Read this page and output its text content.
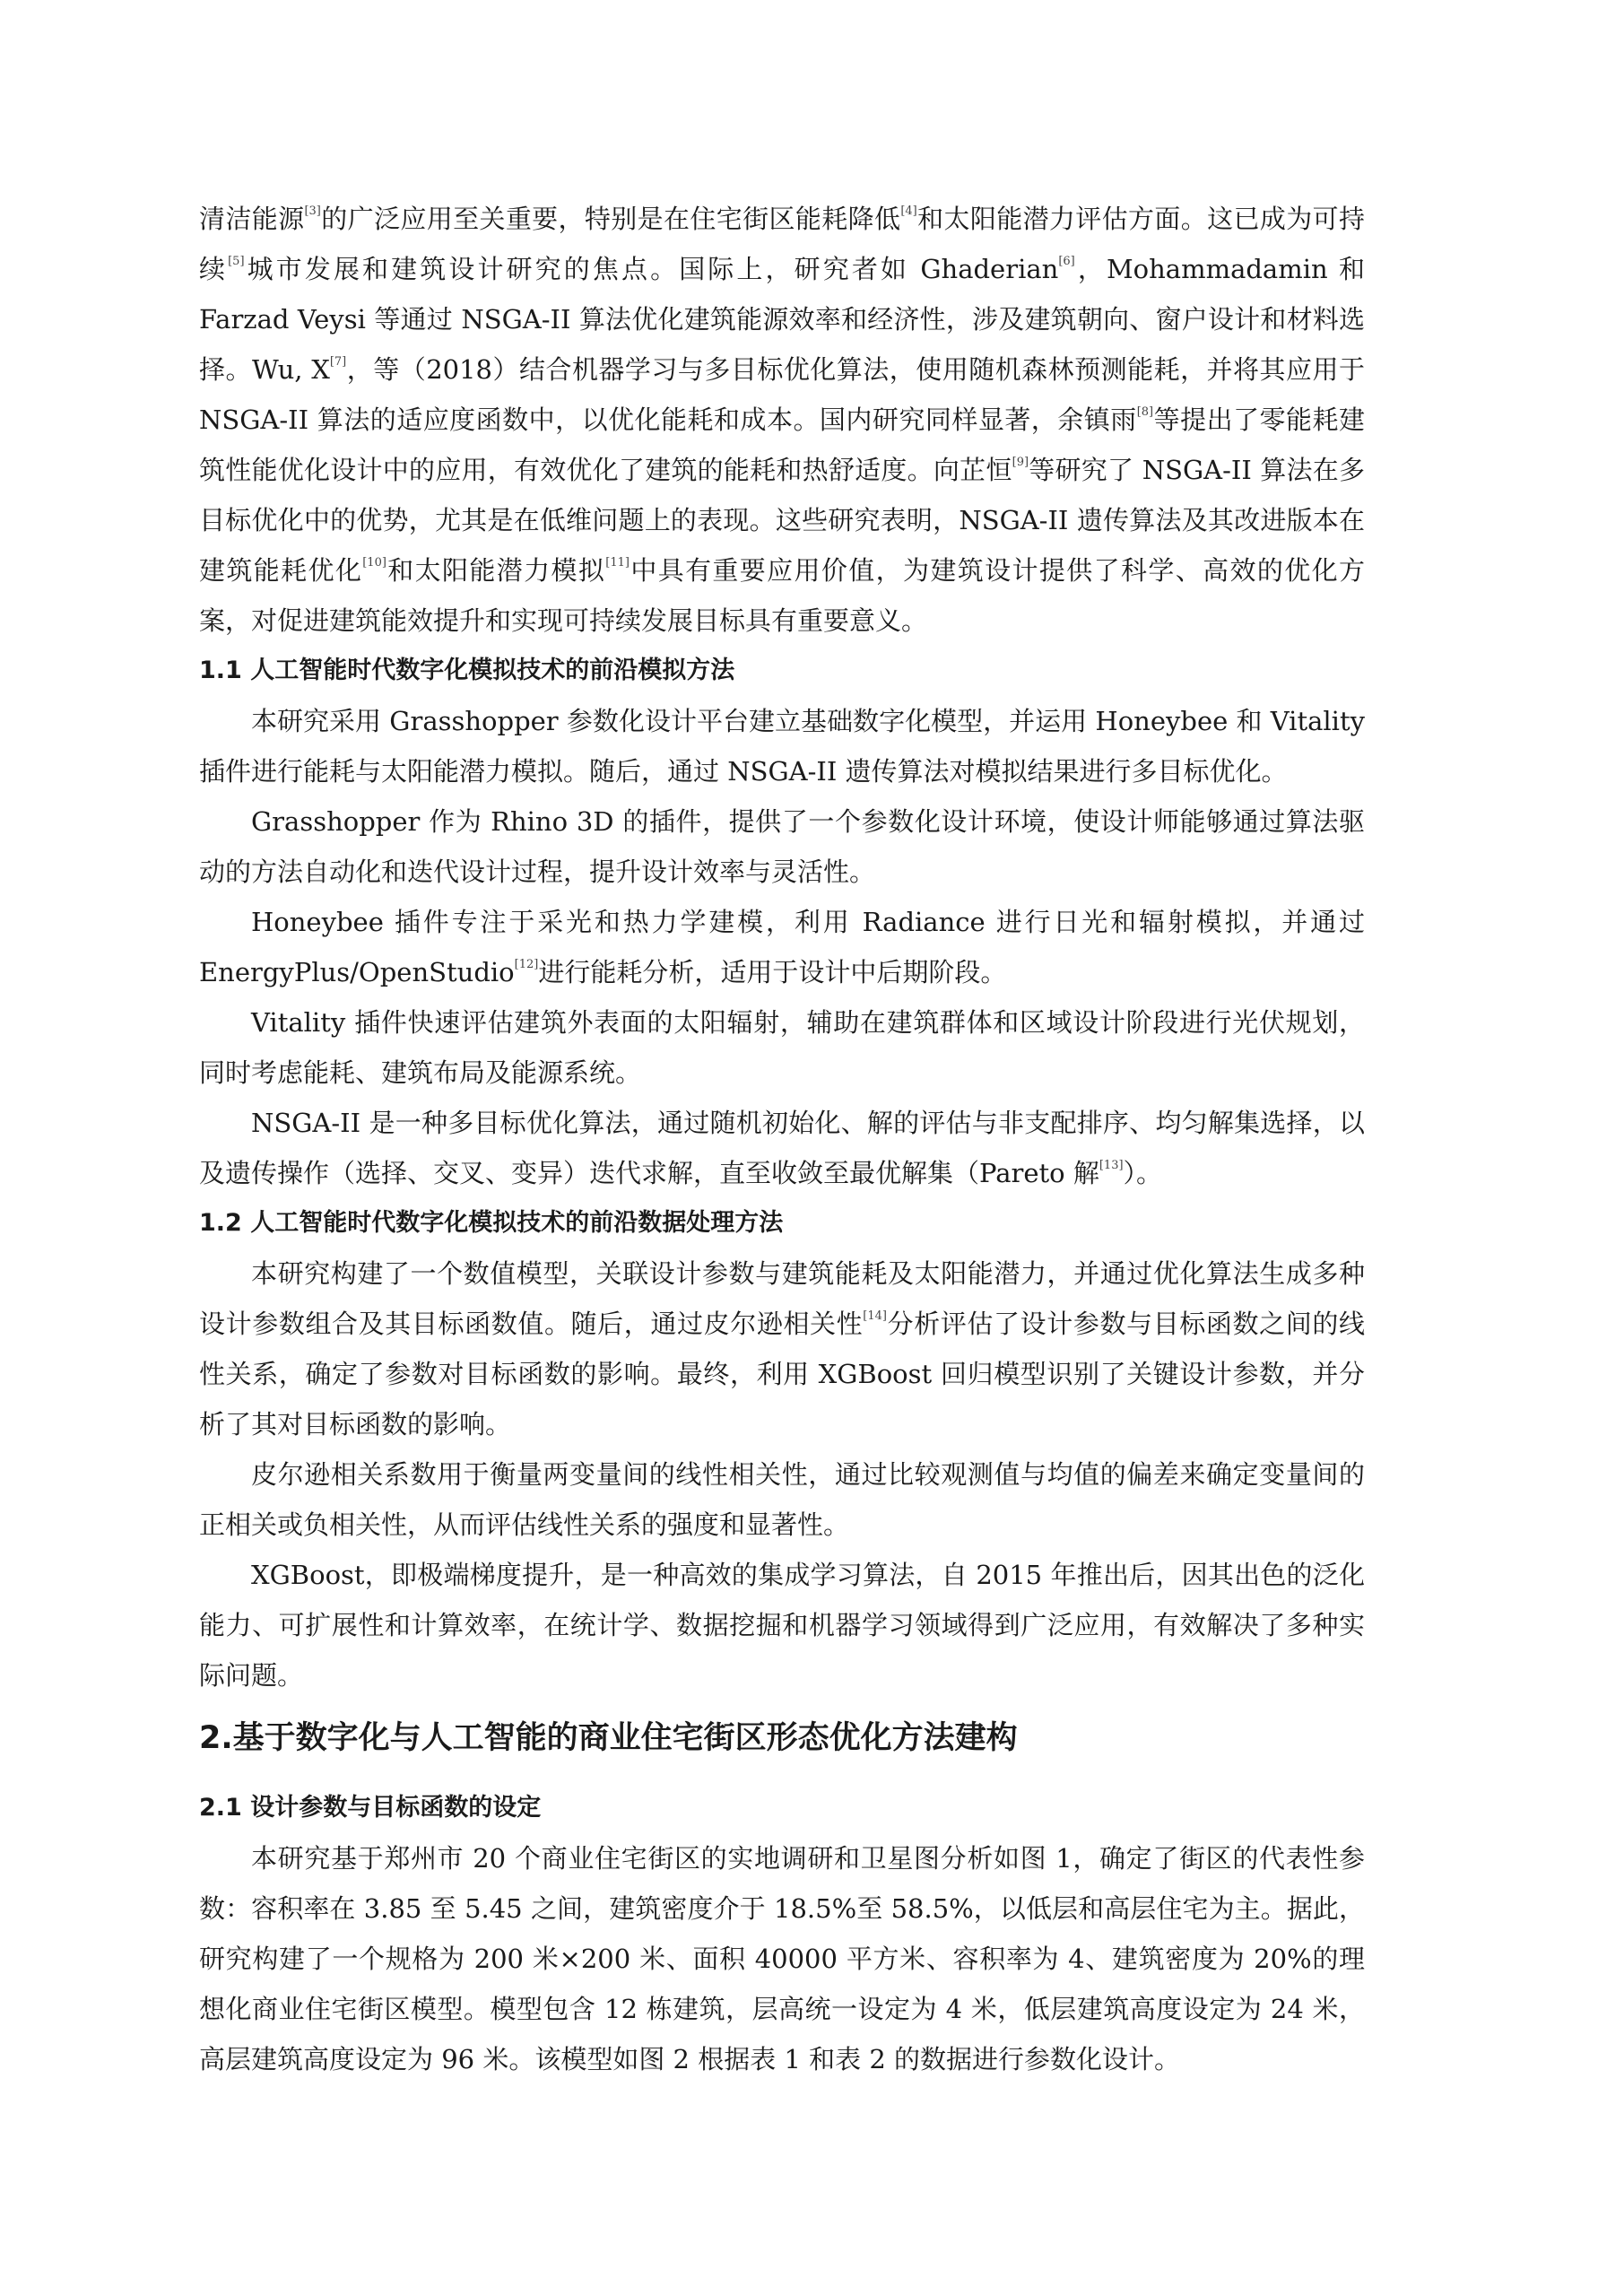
清洁能源[3]的广泛应用至关重要，特别是在住宅街区能耗降低[4]和太阳能潜力评估方面。这已成为可持续[5]城市发展和建筑设计研究的焦点。国际上，研究者如 Ghaderian[6]，Mohammadamin 和 Farzad Veysi 等通过 NSGA-II 算法优化建筑能源效率和经济性，涉及建筑朝向、窗户设计和材料选择。Wu, X[7]，等（2018）结合机器学习与多目标优化算法，使用随机森林预测能耗，并将其应用于 NSGA-II 算法的适应度函数中，以优化能耗和成本。国内研究同样显著，余镇雨[8]等提出了零能耗建筑性能优化设计中的应用，有效优化了建筑的能耗和热舒适度。向芷恒[9]等研究了 NSGA-II 算法在多目标优化中的优势，尤其是在低维问题上的表现。这些研究表明，NSGA-II 遗传算法及其改进版本在建筑能耗优化[10]和太阳能潜力模拟[11]中具有重要应用价值，为建筑设计提供了科学、高效的优化方案，对促进建筑能效提升和实现可持续发展目标具有重要意义。

1.1 人工智能时代数字化模拟技术的前沿模拟方法

本研究采用 Grasshopper 参数化设计平台建立基础数字化模型，并运用 Honeybee 和 Vitality 插件进行能耗与太阳能潜力模拟。随后，通过 NSGA-II 遗传算法对模拟结果进行多目标优化。

Grasshopper 作为 Rhino 3D 的插件，提供了一个参数化设计环境，使设计师能够通过算法驱动的方法自动化和迭代设计过程，提升设计效率与灵活性。

Honeybee 插件专注于采光和热力学建模，利用 Radiance 进行日光和辐射模拟，并通过 EnergyPlus/OpenStudio[12]进行能耗分析，适用于设计中后期阶段。

Vitality 插件快速评估建筑外表面的太阳辐射，辅助在建筑群体和区域设计阶段进行光伏规划，同时考虑能耗、建筑布局及能源系统。

NSGA-II 是一种多目标优化算法，通过随机初始化、解的评估与非支配排序、均匀解集选择，以及遗传操作（选择、交叉、变异）迭代求解，直至收敛至最优解集（Pareto 解[13]）。

1.2 人工智能时代数字化模拟技术的前沿数据处理方法

本研究构建了一个数值模型，关联设计参数与建筑能耗及太阳能潜力，并通过优化算法生成多种设计参数组合及其目标函数值。随后，通过皮尔逊相关性[14]分析评估了设计参数与目标函数之间的线性关系，确定了参数对目标函数的影响。最终，利用 XGBoost 回归模型识别了关键设计参数，并分析了其对目标函数的影响。

皮尔逊相关系数用于衡量两变量间的线性相关性，通过比较观测值与均值的偏差来确定变量间的正相关或负相关性，从而评估线性关系的强度和显著性。

XGBoost，即极端梯度提升，是一种高效的集成学习算法，自 2015 年推出后，因其出色的泛化能力、可扩展性和计算效率，在统计学、数据挖掘和机器学习领域得到广泛应用，有效解决了多种实际问题。

2.基于数字化与人工智能的商业住宅街区形态优化方法建构
2.1 设计参数与目标函数的设定

本研究基于郑州市 20 个商业住宅街区的实地调研和卫星图分析如图 1，确定了街区的代表性参数：容积率在 3.85 至 5.45 之间，建筑密度介于 18.5%至 58.5%，以低层和高层住宅为主。据此，研究构建了一个规格为 200 米×200 米、面积 40000 平方米、容积率为 4、建筑密度为 20%的理想化商业住宅街区模型。模型包含 12 栋建筑，层高统一设定为 4 米，低层建筑高度设定为 24 米，高层建筑高度设定为 96 米。该模型如图 2 根据表 1 和表 2 的数据进行参数化设计。
